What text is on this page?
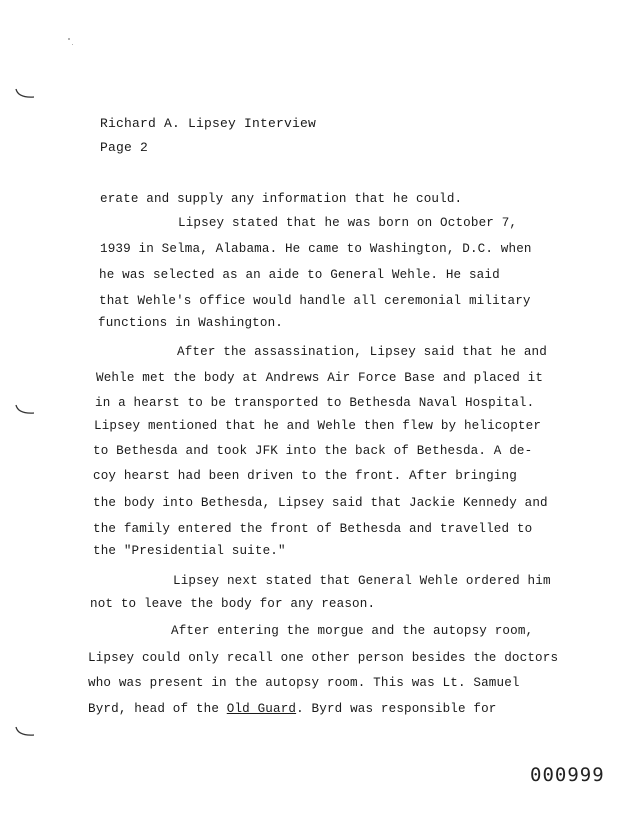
Richard A. Lipsey Interview
Page 2
erate and supply any information that he could.
Lipsey stated that he was born on October 7,
1939 in Selma, Alabama. He came to Washington, D.C. when
he was selected as an aide to General Wehle. He said
that Wehle's office would handle all ceremonial military
functions in Washington.
After the assassination, Lipsey said that he and
Wehle met the body at Andrews Air Force Base and placed it
in a hearst to be transported to Bethesda Naval Hospital.
Lipsey mentioned that he and Wehle then flew by helicopter
to Bethesda and took JFK into the back of Bethesda. A de-
coy hearst had been driven to the front. After bringing
the body into Bethesda, Lipsey said that Jackie Kennedy and
the family entered the front of Bethesda and travelled to
the "Presidential suite."
Lipsey next stated that General Wehle ordered him
not to leave the body for any reason.
After entering the morgue and the autopsy room,
Lipsey could only recall one other person besides the doctors
who was present in the autopsy room. This was Lt. Samuel
Byrd, head of the Old Guard. Byrd was responsible for
000999
